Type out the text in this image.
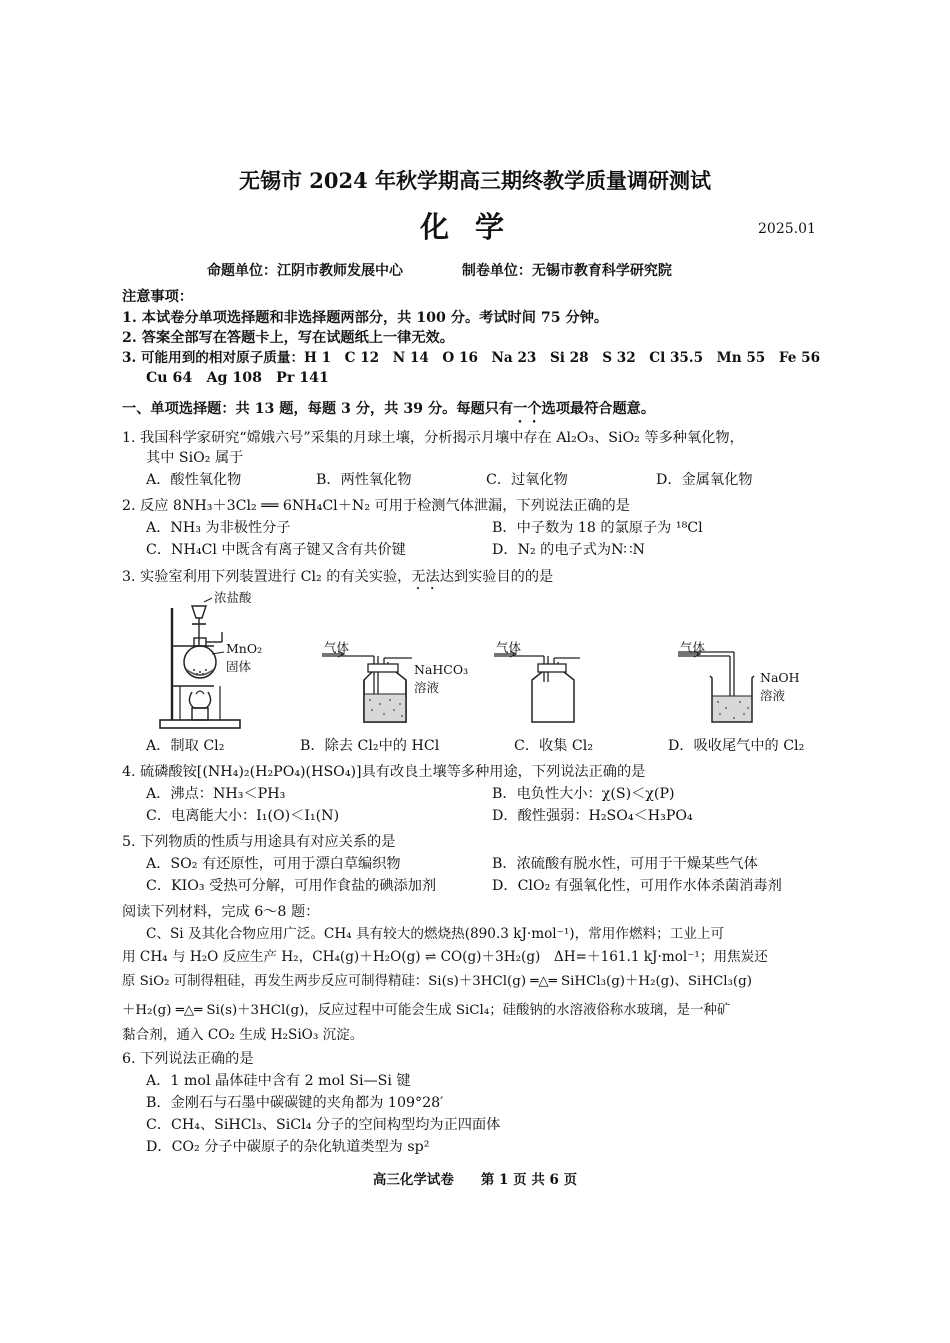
无锡市 2024 年秋学期高三期终教学质量调研测试
化学	2025.01
命题单位：江阴市教师发展中心	制卷单位：无锡市教育科学研究院
注意事项：
1. 本试卷分单项选择题和非选择题两部分，共 100 分。考试时间 75 分钟。
2. 答案全部写在答题卡上，写在试题纸上一律无效。
3. 可能用到的相对原子质量：H 1　C 12　N 14　O 16　Na 23　Si 28　S 32　Cl 35.5　Mn 55　Fe 56
Cu 64　Ag 108　Pr 141
一、单项选择题：共 13 题，每题 3 分，共 39 分。每题只有一个选项最符合题意。
1. 我国科学家研究“嫦娥六号”采集的月球土壤，分析揭示月壤中存在 Al₂O₃、SiO₂ 等多种氧化物，
其中 SiO₂ 属于
A．酸性氧化物	B．两性氧化物	C．过氧化物	D．金属氧化物
2. 反应 8NH₃＋3Cl₂ ══ 6NH₄Cl＋N₂ 可用于检测气体泄漏，下列说法正确的是
A．NH₃ 为非极性分子	B．中子数为 18 的氯原子为 ¹⁸Cl
C．NH₄Cl 中既含有离子键又含有共价键	D．N₂ 的电子式为N∷N
3. 实验室利用下列装置进行 Cl₂ 的有关实验，无法达到实验目的的是
浓盐酸
MnO₂
固体
气体
NaHCO₃
溶液
气体	气体
NaOH
溶液
A．制取 Cl₂	B．除去 Cl₂中的 HCl	C．收集 Cl₂	D．吸收尾气中的 Cl₂
4. 硫磷酸铵[(NH₄)₂(H₂PO₄)(HSO₄)]具有改良土壤等多种用途，下列说法正确的是
A．沸点：NH₃＜PH₃	B．电负性大小：χ(S)＜χ(P)
C．电离能大小：I₁(O)＜I₁(N)	D．酸性强弱：H₂SO₄＜H₃PO₄
5. 下列物质的性质与用途具有对应关系的是
A．SO₂ 有还原性，可用于漂白草编织物	B．浓硫酸有脱水性，可用于干燥某些气体
C．KIO₃ 受热可分解，可用作食盐的碘添加剂	D．ClO₂ 有强氧化性，可用作水体杀菌消毒剂
阅读下列材料，完成 6～8 题：
C、Si 及其化合物应用广泛。CH₄ 具有较大的燃烧热(890.3 kJ·mol⁻¹)，常用作燃料；工业上可
用 CH₄ 与 H₂O 反应生产 H₂，CH₄(g)＋H₂O(g) ⇌ CO(g)＋3H₂(g)　ΔH=＋161.1 kJ·mol⁻¹；用焦炭还
原 SiO₂ 可制得粗硅，再发生两步反应可制得精硅：Si(s)＋3HCl(g) ═△═ SiHCl₃(g)＋H₂(g)、SiHCl₃(g)
＋H₂(g) ═△═ Si(s)＋3HCl(g)，反应过程中可能会生成 SiCl₄；硅酸钠的水溶液俗称水玻璃，是一种矿
黏合剂，通入 CO₂ 生成 H₂SiO₃ 沉淀。
6. 下列说法正确的是
A．1 mol 晶体硅中含有 2 mol Si—Si 键
B．金刚石与石墨中碳碳键的夹角都为 109°28′
C．CH₄、SiHCl₃、SiCl₄ 分子的空间构型均为正四面体
D．CO₂ 分子中碳原子的杂化轨道类型为 sp²
高三化学试卷　　第 1 页 共 6 页
